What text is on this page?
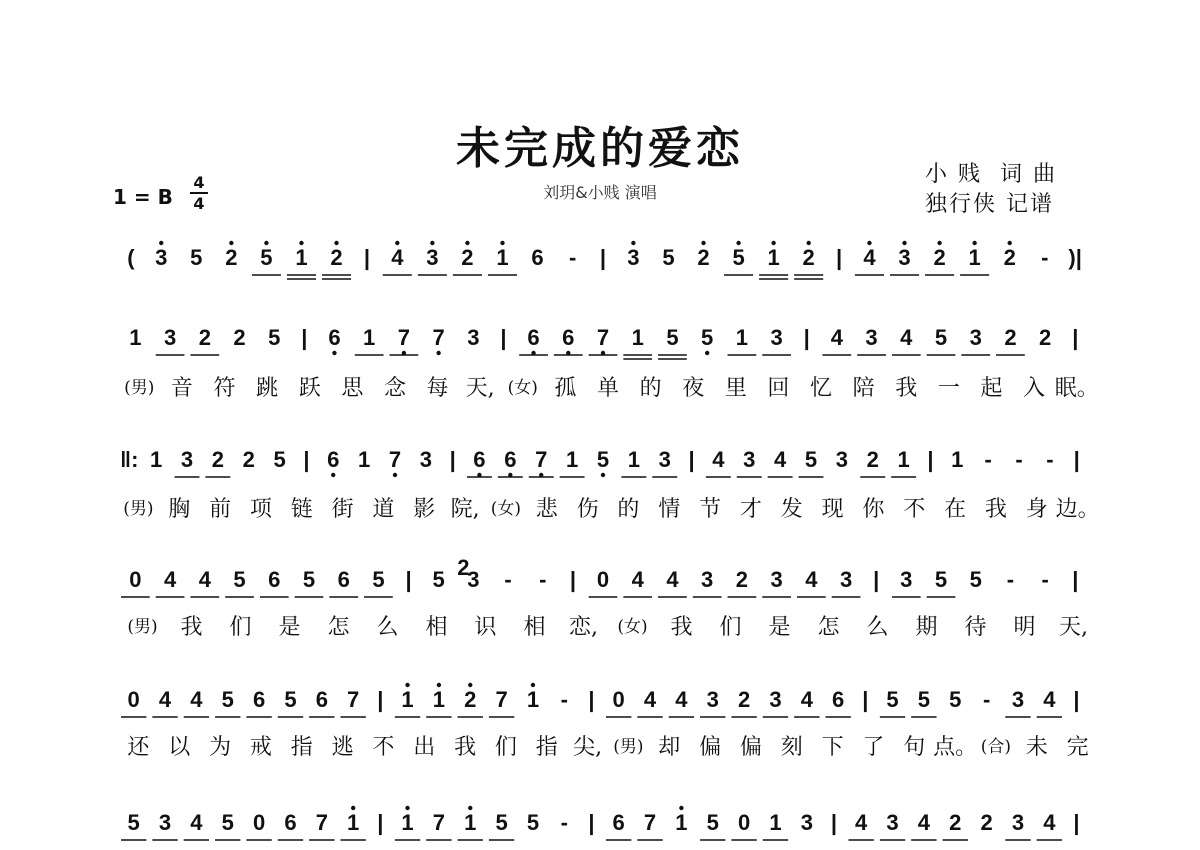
未完成的爱恋
刘玥&小贱 演唱
1 = B
4
4
小 贱  词 曲
独行侠 记谱
( 3 5 2 5 1 2 | 4 3 2 1 6 - | 3 5 2 5 1 2 | 4 3 2 1 2 - )|
1 3 2 2 5 | 6 1 7 7 3 | 6 6 7 1 5 5 1 3 | 4 3 4 5 3 2 2 |
‖: 1 3 2 2 5 | 6 1 7 3 | 6 6 7 1 5 1 3 | 4 3 4 5 3 2 1 | 1 - - - |
0 4 4 5 6 5 6 5 | 5 3
2 - - | 0 4 4 3 2 3 4 3 | 3 5 5 - - |
0 4 4 5 6 5 6 7 | 1 1 2 7 1 - | 0 4 4 3 2 3 4 6 | 5 5 5 - 3 4 |
5 3 4 5 0 6 7 1 | 1 7 1 5 5 - | 6 7 1 5 0 1 3 | 4 3 4 2 2 3 4 |
(男) 音 符 跳 跃 思 念 每 天, (女) 孤 单 的 夜 里 回 忆 陪 我 一 起 入 眠。
(男) 胸 前 项 链 街 道 影 院, (女) 悲 伤 的 情 节 才 发 现 你 不 在 我 身 边。
(男) 我 们 是 怎 么 相 识 相 恋, (女) 我 们 是 怎 么 期 待 明 天,
还 以 为 戒 指 逃 不 出 我 们 指 尖, (男) 却 偏 偏 刻 下 了 句 点。 (合) 未 完
